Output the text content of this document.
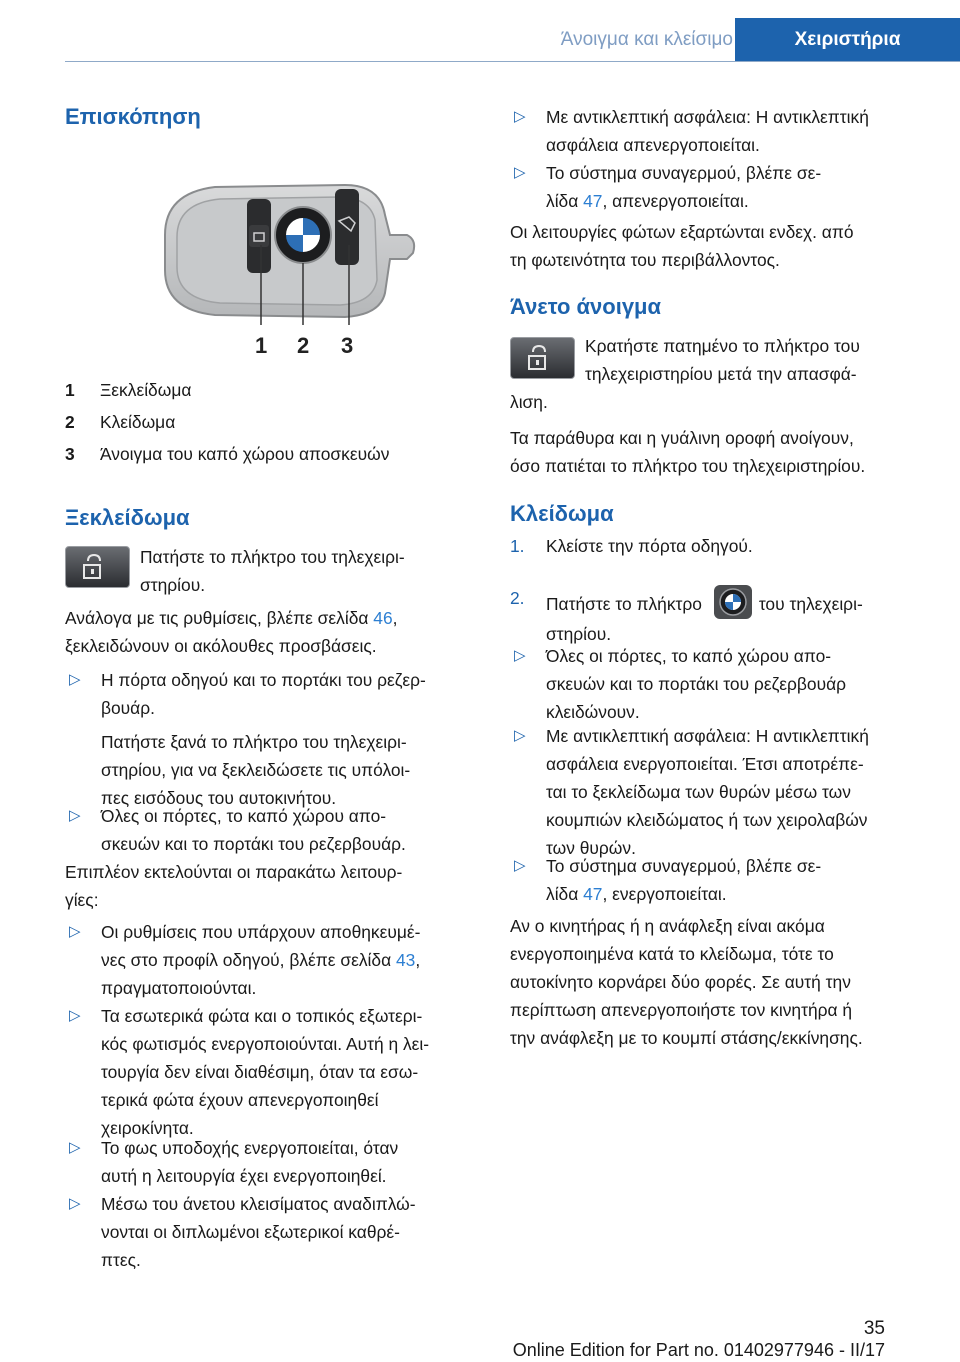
Άνοιγμα και κλείσιμο	Χειριστήρια
Επισκόπηση
1 2 3
1 Ξεκλείδωμα
2 Κλείδωμα
3 Άνοιγμα του καπό χώρου αποσκευών
Ξεκλείδωμα

Πατήστε το πλήκτρο του τηλεχειρι-

στηρίου.

Ανάλογα με τις ρυθμίσεις, βλέπε σελίδα 46,

ξεκλειδώνουν οι ακόλουθες προσβάσεις.

▷ Η πόρτα οδηγού και το πορτάκι του ρεζερ-
βουάρ.
Πατήστε ξανά το πλήκτρο του τηλεχειρι-
στηρίου, για να ξεκλειδώσετε τις υπόλοι-
πες εισόδους του αυτοκινήτου.
▷ Όλες οι πόρτες, το καπό χώρου απο-
σκευών και το πορτάκι του ρεζερβουάρ.

Επιπλέον εκτελούνται οι παρακάτω λειτουρ-

γίες:

▷ Οι ρυθμίσεις που υπάρχουν αποθηκευμέ-
νες στο προφίλ οδηγού, βλέπε σελίδα 43,
πραγματοποιούνται.
▷ Τα εσωτερικά φώτα και ο τοπικός εξωτερι-
κός φωτισμός ενεργοποιούνται. Αυτή η λει-
τουργία δεν είναι διαθέσιμη, όταν τα εσω-
τερικά φώτα έχουν απενεργοποιηθεί
χειροκίνητα.
▷ Το φως υποδοχής ενεργοποιείται, όταν
αυτή η λειτουργία έχει ενεργοποιηθεί.
▷ Μέσω του άνετου κλεισίματος αναδιπλώ-
νονται οι διπλωμένοι εξωτερικοί καθρέ-
πτες.
▷ Με αντικλεπτική ασφάλεια: Η αντικλεπτική
ασφάλεια απενεργοποιείται.
▷ Το σύστημα συναγερμού, βλέπε σε-
λίδα 47, απενεργοποιείται.

Οι λειτουργίες φώτων εξαρτώνται ενδεχ. από

τη φωτεινότητα του περιβάλλοντος.

Άνετο άνοιγμα

Κρατήστε πατημένο το πλήκτρο του

τηλεχειριστηρίου μετά την απασφά-

λιση.

Τα παράθυρα και η γυάλινη οροφή ανοίγουν,

όσο πατιέται το πλήκτρο του τηλεχειριστηρίου.

Κλείδωμα
1. Κλείστε την πόρτα οδηγού.
2. Πατήστε το πλήκτρο	του τηλεχειρι-
στηρίου.
▷ Όλες οι πόρτες, το καπό χώρου απο-
σκευών και το πορτάκι του ρεζερβουάρ
κλειδώνουν.
▷ Με αντικλεπτική ασφάλεια: Η αντικλεπτική
ασφάλεια ενεργοποιείται. Έτσι αποτρέπε-
ται το ξεκλείδωμα των θυρών μέσω των
κουμπιών κλειδώματος ή των χειρολαβών
των θυρών.
▷ Το σύστημα συναγερμού, βλέπε σε-
λίδα 47, ενεργοποιείται.

Αν ο κινητήρας ή η ανάφλεξη είναι ακόμα

ενεργοποιημένα κατά το κλείδωμα, τότε το

αυτοκίνητο κορνάρει δύο φορές. Σε αυτή την

περίπτωση απενεργοποιήστε τον κινητήρα ή

την ανάφλεξη με το κουμπί στάσης/εκκίνησης.

35
Online Edition for Part no. 01402977946 - II/17
